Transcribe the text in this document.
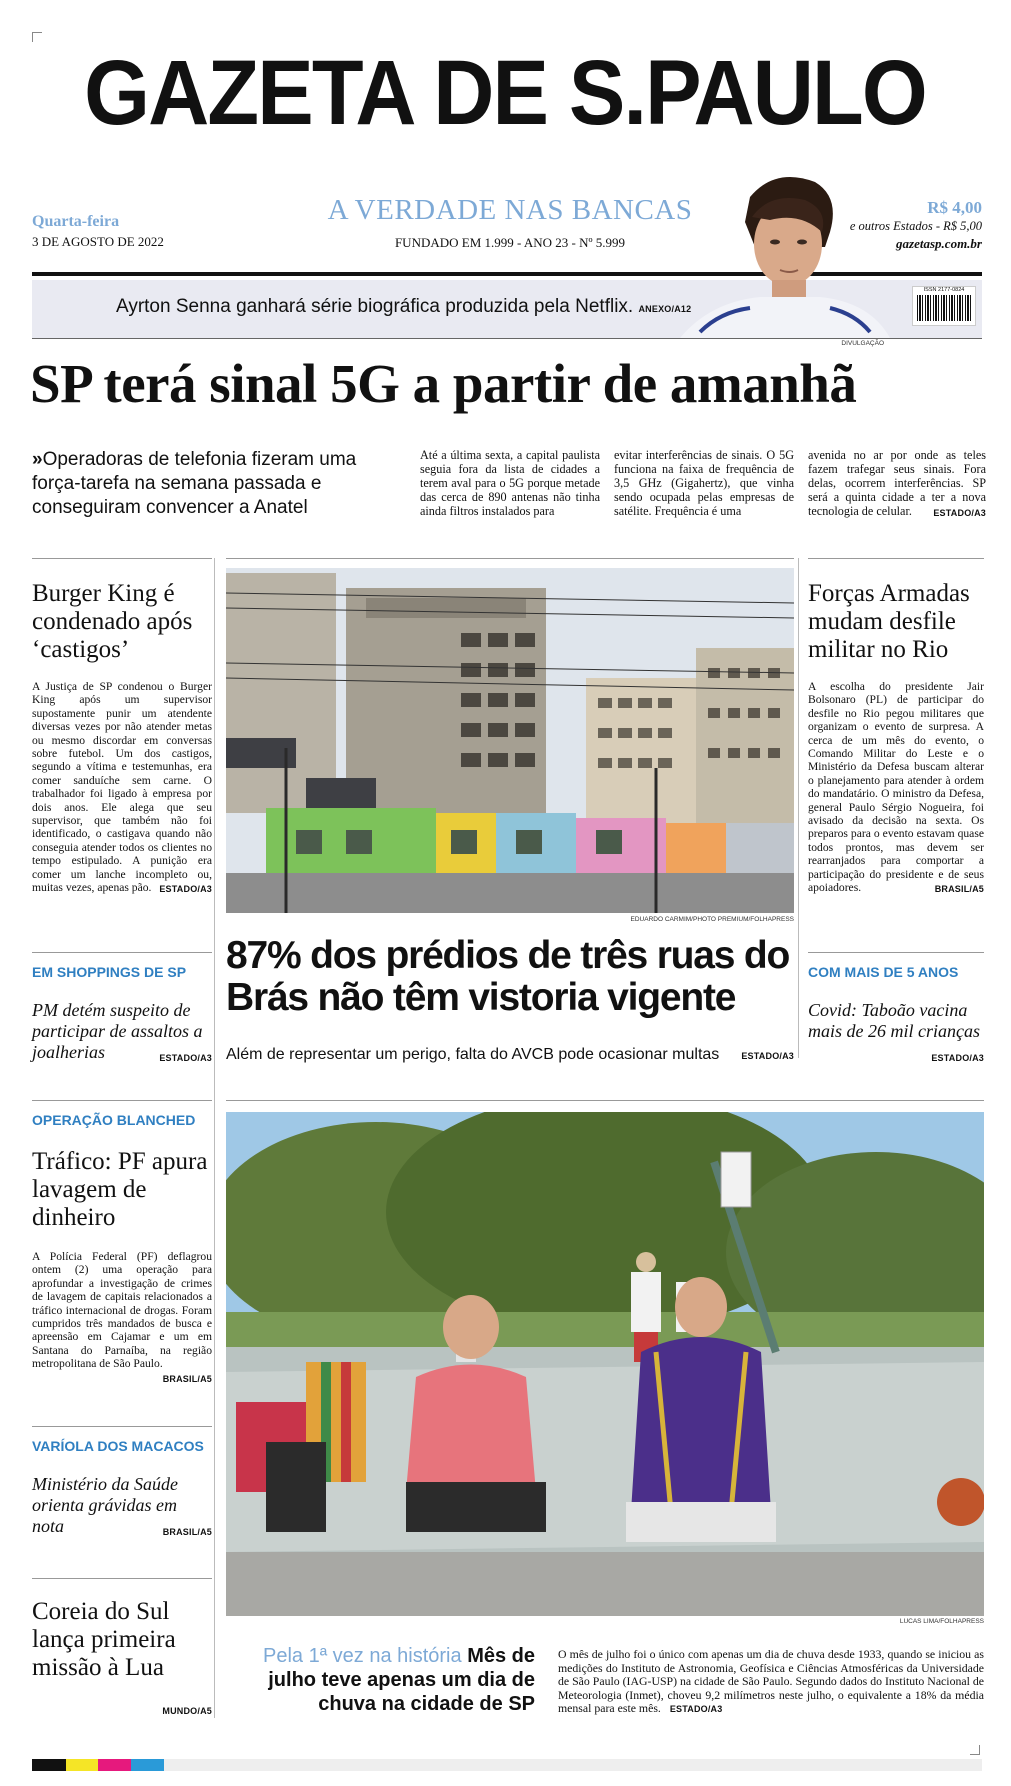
GAZETA DE S.PAULO
Quarta-feira
3 DE AGOSTO DE 2022
A VERDADE NAS BANCAS
FUNDADO EM 1.999 - ANO 23 - Nº 5.999
R$ 4,00
e outros Estados - R$ 5,00
gazetasp.com.br
Ayrton Senna ganhará série biográfica produzida pela Netflix. ANEXO/A12
ISSN 2177-0824
DIVULGAÇÃO
SP terá sinal 5G a partir de amanhã
»Operadoras de telefonia fizeram uma força-tarefa na semana passada e conseguiram convencer a Anatel
Até a última sexta, a capital paulista seguia fora da lista de cidades a terem aval para o 5G porque metade das cerca de 890 antenas não tinha ainda filtros instalados para
evitar interferências de sinais. O 5G funciona na faixa de frequência de 3,5 GHz (Gigahertz), que vinha sendo ocupada pelas empresas de satélite. Frequência é uma
avenida no ar por onde as teles fazem trafegar seus sinais. Fora delas, ocorrem interferências. SP será a quinta cidade a ter a nova tecnologia de celular. ESTADO/A3
Burger King é condenado após ‘castigos’
A Justiça de SP condenou o Burger King após um supervisor supostamente punir um atendente diversas vezes por não atender metas ou mesmo discordar em conversas sobre futebol. Um dos castigos, segundo a vítima e testemunhas, era comer sanduíche sem carne. O trabalhador foi ligado à empresa por dois anos. Ele alega que seu supervisor, que também não foi identificado, o castigava quando não conseguia atender todos os clientes no tempo estipulado. A punição era comer um lanche incompleto ou, muitas vezes, apenas pão. ESTADO/A3
EM SHOPPINGS DE SP
PM detém suspeito de participar de assaltos a joalherias	ESTADO/A3
EDUARDO CARMIM/PHOTO PREMIUM/FOLHAPRESS
87% dos prédios de três ruas do Brás não têm vistoria vigente
Além de representar um perigo, falta do AVCB pode ocasionar multas ESTADO/A3
Forças Armadas mudam desfile militar no Rio
A escolha do presidente Jair Bolsonaro (PL) de participar do desfile no Rio pegou militares que organizam o evento de surpresa. A cerca de um mês do evento, o Comando Militar do Leste e o Ministério da Defesa buscam alterar o planejamento para atender à ordem do mandatário. O ministro da Defesa, general Paulo Sérgio Nogueira, foi avisado da decisão na sexta. Os preparos para o evento estavam quase todos prontos, mas devem ser rearranjados para comportar a participação do presidente e de seus apoiadores.	BRASIL/A5
COM MAIS DE 5 ANOS
Covid: Taboão vacina mais de 26 mil crianças
ESTADO/A3
OPERAÇÃO BLANCHED
Tráfico: PF apura lavagem de dinheiro
A Polícia Federal (PF) deflagrou ontem (2) uma operação para aprofundar a investigação de crimes de lavagem de capitais relacionados a tráfico internacional de drogas. Foram cumpridos três mandados de busca e apreensão em Cajamar e um em Santana do Parnaíba, na região metropolitana de São Paulo.
BRASIL/A5
VARÍOLA DOS MACACOS
Ministério da Saúde orienta grávidas em nota	BRASIL/A5
Coreia do Sul lança primeira missão à Lua
MUNDO/A5
LUCAS LIMA/FOLHAPRESS
Pela 1ª vez na história Mês de julho teve apenas um dia de chuva na cidade de SP
O mês de julho foi o único com apenas um dia de chuva desde 1933, quando se iniciou as medições do Instituto de Astronomia, Geofísica e Ciências Atmosféricas da Universidade de São Paulo (IAG-USP) na cidade de São Paulo. Segundo dados do Instituto Nacional de Meteorologia (Inmet), choveu 9,2 milímetros neste julho, o equivalente a 18% da média mensal para este mês. ESTADO/A3
